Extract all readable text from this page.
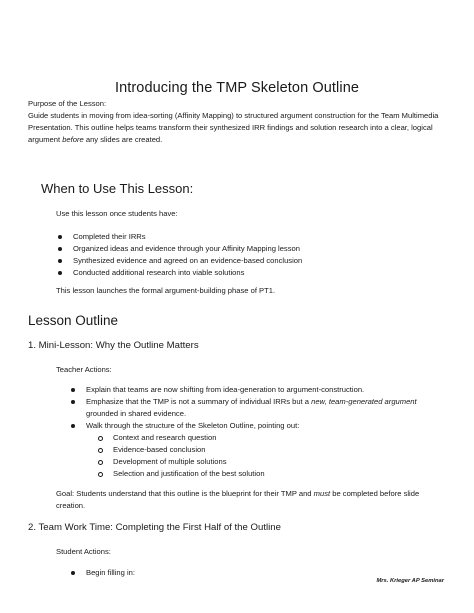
Introducing the TMP Skeleton Outline

Purpose of the Lesson:

Guide students in moving from idea-sorting (Affinity Mapping) to structured argument construction for the Team Multimedia Presentation. This outline helps teams transform their synthesized IRR findings and solution research into a clear, logical argument before any slides are created.

When to Use This Lesson:
Use this lesson once students have:
Completed their IRRs
Organized ideas and evidence through your Affinity Mapping lesson
Synthesized evidence and agreed on an evidence-based conclusion
Conducted additional research into viable solutions
This lesson launches the formal argument-building phase of PT1.
Lesson Outline
1. Mini-Lesson: Why the Outline Matters
Teacher Actions:
Explain that teams are now shifting from idea-generation to argument-construction.
Emphasize that the TMP is not a summary of individual IRRs but a new, team-generated argument grounded in shared evidence.
Walk through the structure of the Skeleton Outline, pointing out:
Context and research question
Evidence-based conclusion
Development of multiple solutions
Selection and justification of the best solution
Goal: Students understand that this outline is the blueprint for their TMP and must be completed before slide creation.
2. Team Work Time: Completing the First Half of the Outline
Student Actions:
Begin filling in:
Mrs. Krieger AP Seminar
